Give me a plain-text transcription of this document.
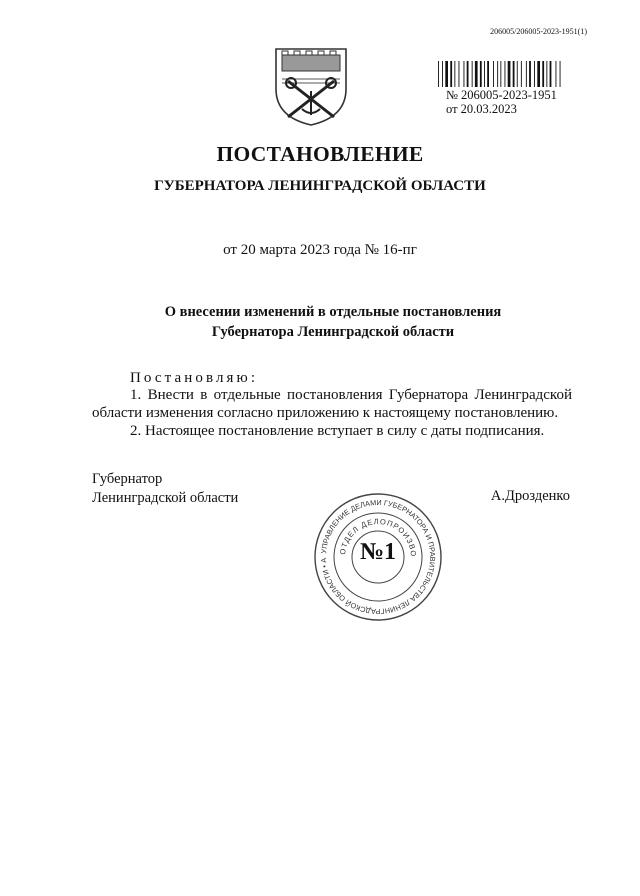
206005/206005-2023-1951(1)
№ 206005-2023-1951
от 20.03.2023
ПОСТАНОВЛЕНИЕ
ГУБЕРНАТОРА ЛЕНИНГРАДСКОЙ ОБЛАСТИ
от 20 марта 2023 года № 16-пг
О внесении изменений в отдельные постановления
Губернатора Ленинградской области
Постановляю:

1. Внести в отдельные постановления Губернатора Ленинградской области изменения согласно приложению к настоящему постановлению.

2. Настоящее постановление вступает в силу с даты подписания.

Губернатор
Ленинградской области	А.Дрозденко
УПРАВЛЕНИЕ ДЕЛАМИ ГУБЕРНАТОРА И ПРАВИТЕЛЬСТВА ЛЕНИНГРАДСКОЙ ОБЛАСТИ • А
ОТДЕЛ ДЕЛОПРОИЗВО
№1
